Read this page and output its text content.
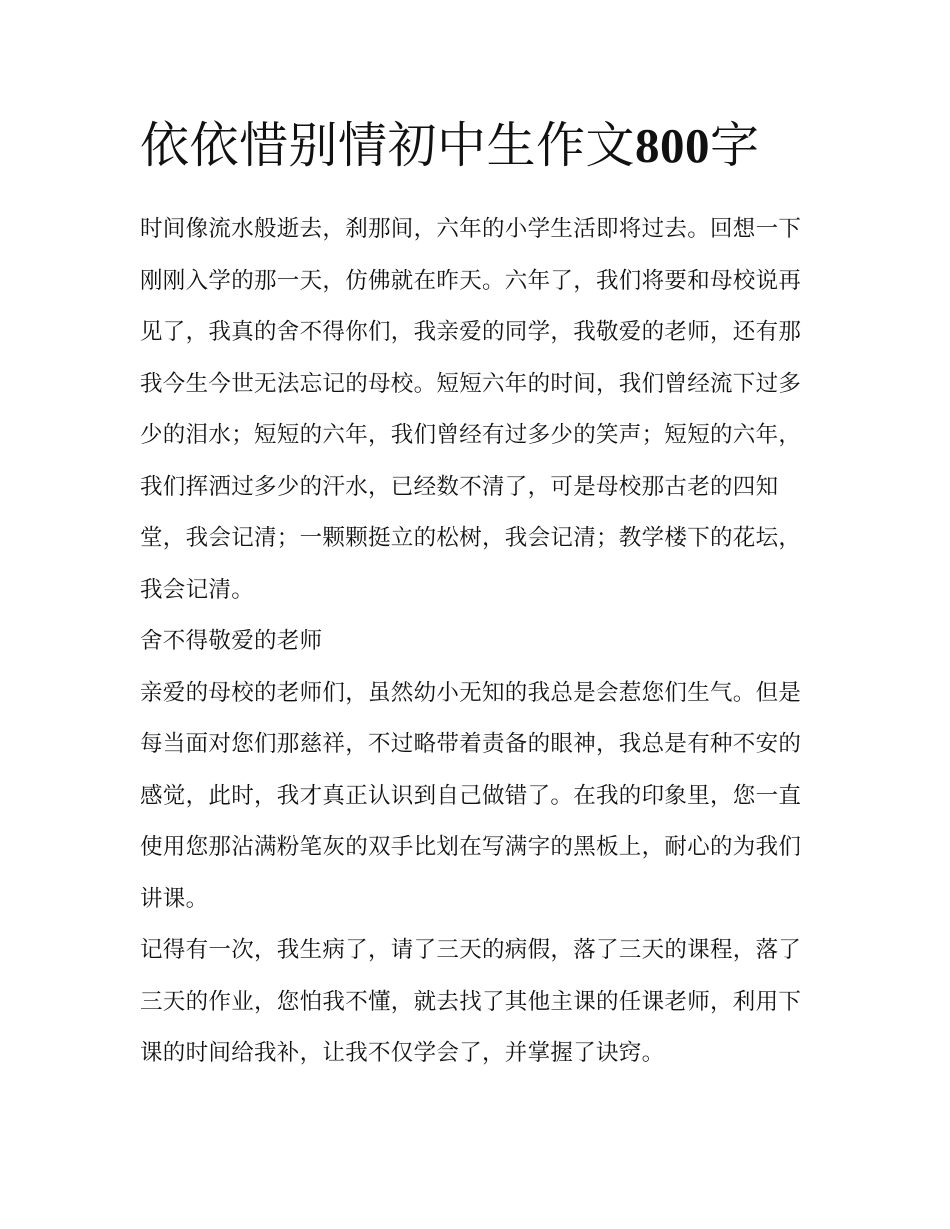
依依惜别情初中生作文800字

时间像流水般逝去，刹那间，六年的小学生活即将过去。回想一下刚刚入学的那一天，仿佛就在昨天。六年了，我们将要和母校说再见了，我真的舍不得你们，我亲爱的同学，我敬爱的老师，还有那我今生今世无法忘记的母校。短短六年的时间，我们曾经流下过多少的泪水；短短的六年，我们曾经有过多少的笑声；短短的六年，我们挥洒过多少的汗水，已经数不清了，可是母校那古老的四知堂，我会记清；一颗颗挺立的松树，我会记清；教学楼下的花坛，我会记清。

舍不得敬爱的老师

亲爱的母校的老师们，虽然幼小无知的我总是会惹您们生气。但是每当面对您们那慈祥，不过略带着责备的眼神，我总是有种不安的感觉，此时，我才真正认识到自己做错了。在我的印象里，您一直使用您那沾满粉笔灰的双手比划在写满字的黑板上，耐心的为我们讲课。

记得有一次，我生病了，请了三天的病假，落了三天的课程，落了三天的作业，您怕我不懂，就去找了其他主课的任课老师，利用下课的时间给我补，让我不仅学会了，并掌握了诀窍。
